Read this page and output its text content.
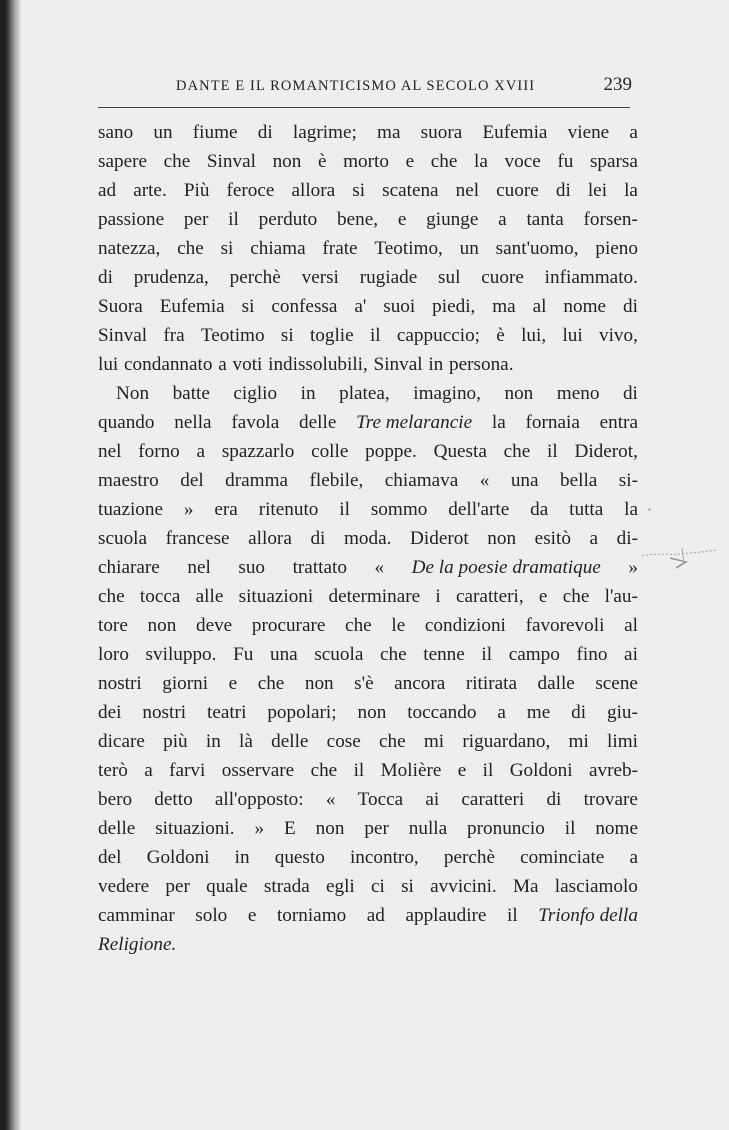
DANTE E IL ROMANTICISMO AL SECOLO XVIII	239
sano un fiume di lagrime; ma suora Eufemia viene a
sapere che Sinval non è morto e che la voce fu sparsa
ad arte. Più feroce allora si scatena nel cuore di lei la
passione per il perduto bene, e giunge a tanta forsen-
natezza, che si chiama frate Teotimo, un sant'uomo, pieno
di prudenza, perchè versi rugiade sul cuore infiammato.
Suora Eufemia si confessa a' suoi piedi, ma al nome di
Sinval fra Teotimo si toglie il cappuccio; è lui, lui vivo,
lui condannato a voti indissolubili, Sinval in persona.
Non batte ciglio in platea, imagino, non meno di
quando nella favola delle Tre melarancie la fornaia entra
nel forno a spazzarlo colle poppe. Questa che il Diderot,
maestro del dramma flebile, chiamava « una bella si-
tuazione » era ritenuto il sommo dell'arte da tutta la
scuola francese allora di moda. Diderot non esitò a di-
chiarare nel suo trattato « De la poesie dramatique »
che tocca alle situazioni determinare i caratteri, e che l'au-
tore non deve procurare che le condizioni favorevoli al
loro sviluppo. Fu una scuola che tenne il campo fino ai
nostri giorni e che non s'è ancora ritirata dalle scene
dei nostri teatri popolari; non toccando a me di giu-
dicare più in là delle cose che mi riguardano, mi limi
terò a farvi osservare che il Molière e il Goldoni avreb-
bero detto all'opposto: « Tocca ai caratteri di trovare
delle situazioni. » E non per nulla pronuncio il nome
del Goldoni in questo incontro, perchè cominciate a
vedere per quale strada egli ci si avvicini. Ma lasciamolo
camminar solo e torniamo ad applaudire il Trionfo della
Religione.
